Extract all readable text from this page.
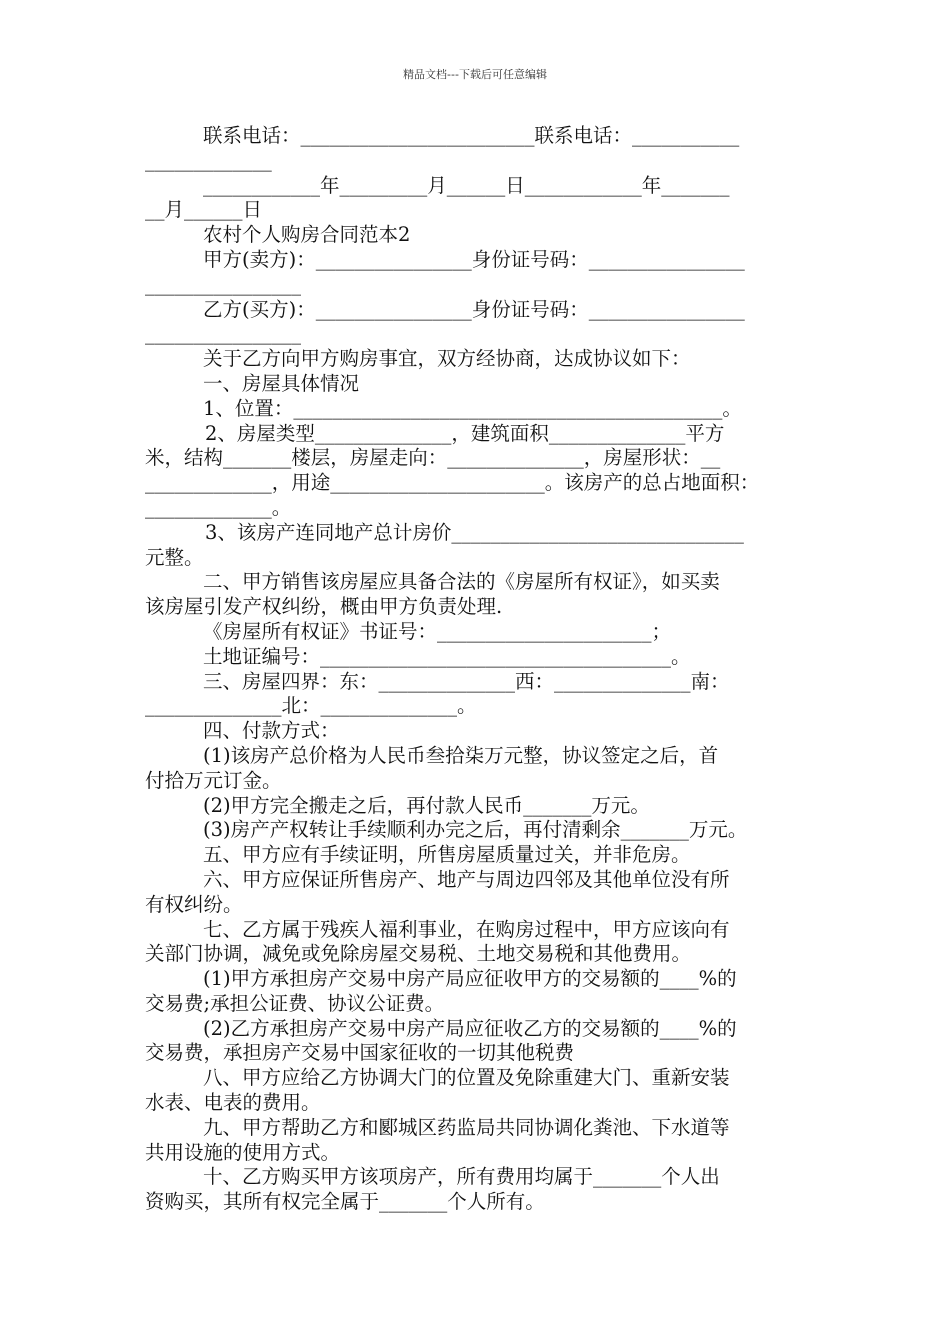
精品文档---下载后可任意编辑
联系电话：________________________联系电话：___________
_____________
____________年_________月______日____________年_______
__月______日
农村个人购房合同范本2
甲方(卖方)：________________身份证号码：________________
________________
乙方(买方)：________________身份证号码：________________
________________
关于乙方向甲方购房事宜，双方经协商，达成协议如下：
一、房屋具体情况
1、位置：____________________________________________。
2、房屋类型______________，建筑面积______________平方
米，结构_______楼层，房屋走向：______________，房屋形状：__
_____________，用途______________________。该房产的总占地面积：
_____________。
3、该房产连同地产总计房价______________________________
元整。
二、甲方销售该房屋应具备合法的《房屋所有权证》，如买卖
该房屋引发产权纠纷，概由甲方负责处理.
《房屋所有权证》书证号：______________________；
土地证编号：____________________________________。
三、房屋四界：东：______________西：______________南：
______________北：______________。
四、付款方式：
(1)该房产总价格为人民币叁拾柒万元整，协议签定之后，首
付拾万元订金。
(2)甲方完全搬走之后，再付款人民币_______万元。
(3)房产产权转让手续顺利办完之后，再付清剩余_______万元。
五、甲方应有手续证明，所售房屋质量过关，并非危房。
六、甲方应保证所售房产、地产与周边四邻及其他单位没有所
有权纠纷。
七、乙方属于残疾人福利事业，在购房过程中，甲方应该向有
关部门协调，减免或免除房屋交易税、土地交易税和其他费用。
(1)甲方承担房产交易中房产局应征收甲方的交易额的____%的
交易费;承担公证费、协议公证费。
(2)乙方承担房产交易中房产局应征收乙方的交易额的____%的
交易费，承担房产交易中国家征收的一切其他税费
八、甲方应给乙方协调大门的位置及免除重建大门、重新安装
水表、电表的费用。
九、甲方帮助乙方和郾城区药监局共同协调化粪池、下水道等
共用设施的使用方式。
十、乙方购买甲方该项房产，所有费用均属于_______个人出
资购买，其所有权完全属于_______个人所有。
